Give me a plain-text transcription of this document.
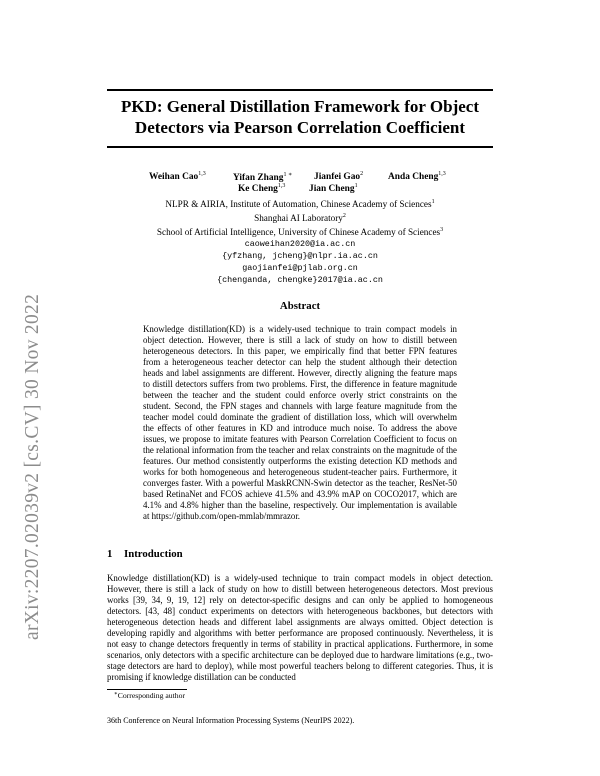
arXiv:2207.02039v2 [cs.CV] 30 Nov 2022
PKD: General Distillation Framework for Object
Detectors via Pearson Correlation Coefficient
Weihan Cao$^{1,3}$	Yifan Zhang$^{1 ∗}$ Jianfei Gao$^2$	Anda Cheng$^{1,3}$
Ke Cheng$^{1,3}$	Jian Cheng$^1$
NLPR & AIRIA, Institute of Automation, Chinese Academy of Sciences$^1$
Shanghai AI Laboratory$^2$
School of Artificial Intelligence, University of Chinese Academy of Sciences$^3$
caoweihan2020@ia.ac.cn
{yfzhang, jcheng}@nlpr.ia.ac.cn
gaojianfei@pjlab.org.cn
{chenganda, chengke}2017@ia.ac.cn
Abstract
Knowledge distillation(KD) is a widely-used technique to train compact models in object detection. However, there is still a lack of study on how to distill between heterogeneous detectors. In this paper, we empirically find that better FPN features from a heterogeneous teacher detector can help the student although their detection heads and label assignments are different. However, directly aligning the feature maps to distill detectors suffers from two problems. First, the difference in feature magnitude between the teacher and the student could enforce overly strict constraints on the student. Second, the FPN stages and channels with large feature magnitude from the teacher model could dominate the gradient of distillation loss, which will overwhelm the effects of other features in KD and introduce much noise. To address the above issues, we propose to imitate features with Pearson Correlation Coefficient to focus on the relational information from the teacher and relax constraints on the magnitude of the features. Our method consistently outperforms the existing detection KD methods and works for both homogeneous and heterogeneous student-teacher pairs. Furthermore, it converges faster. With a powerful MaskRCNN-Swin detector as the teacher, ResNet-50 based RetinaNet and FCOS achieve 41.5% and 43.9% mAP on COCO2017, which are 4.1% and 4.8% higher than the baseline, respectively. Our implementation is available at https://github.com/open-mmlab/mmrazor.
1 Introduction
Knowledge distillation(KD) is a widely-used technique to train compact models in object detection. However, there is still a lack of study on how to distill between heterogeneous detectors. Most previous works [39, 34, 9, 19, 12] rely on detector-specific designs and can only be applied to homogeneous detectors. [43, 48] conduct experiments on detectors with heterogeneous backbones, but detectors with heterogeneous detection heads and different label assignments are always omitted. Object detection is developing rapidly and algorithms with better performance are proposed continuously. Nevertheless, it is not easy to change detectors frequently in terms of stability in practical applications. Furthermore, in some scenarios, only detectors with a specific architecture can be deployed due to hardware limitations (e.g., two-stage detectors are hard to deploy), while most powerful teachers belong to different categories. Thus, it is promising if knowledge distillation can be conducted
∗Corresponding author
36th Conference on Neural Information Processing Systems (NeurIPS 2022).
